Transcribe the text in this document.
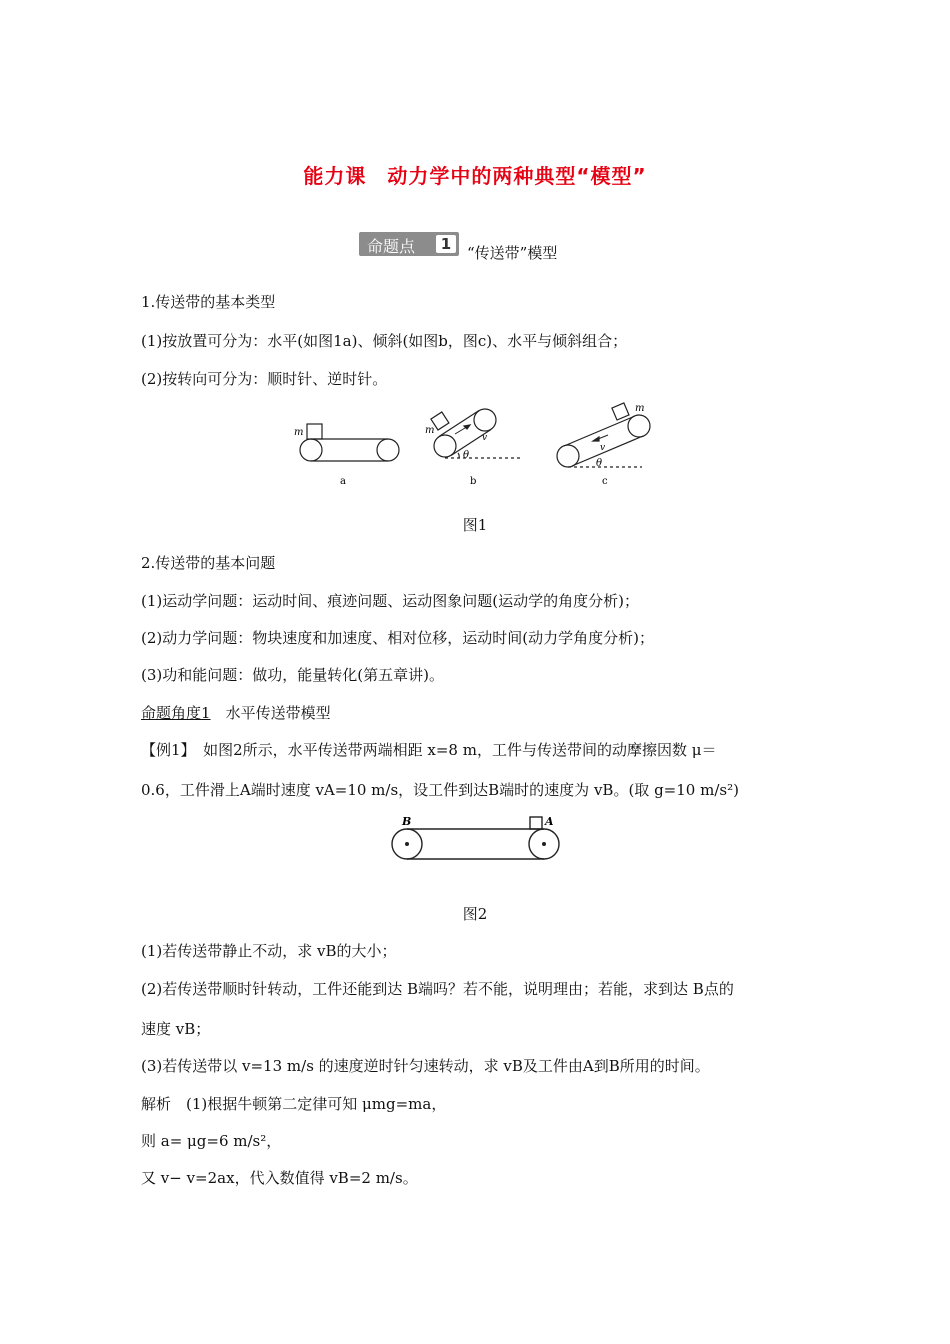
能力课　动力学中的两种典型“模型”
命题点	1	“传送带”模型
1.传送带的基本类型
(1)按放置可分为：水平(如图1a)、倾斜(如图b，图c)、水平与倾斜组合；
(2)按转向可分为：顺时针、逆时针。
m
a
m
v
θ
b
m
v
θ
c
图1
2.传送带的基本问题
(1)运动学问题：运动时间、痕迹问题、运动图象问题(运动学的角度分析)；
(2)动力学问题：物块速度和加速度、相对位移，运动时间(动力学角度分析)；
(3)功和能问题：做功，能量转化(第五章讲)。
命题角度1　 水平传送带模型
【例1】　 如图2所示，水平传送带两端相距 x=8 m，工件与传送带间的动摩擦因数 μ＝
0.6，工件滑上A端时速度 vA=10 m/s，设工件到达B端时的速度为 vB。(取 g=10 m/s²)
B	A
图2
(1)若传送带静止不动，求 vB的大小；
(2)若传送带顺时针转动，工件还能到达 B端吗？若不能，说明理由；若能，求到达 B点的
速度 vB；
(3)若传送带以 v=13 m/s 的速度逆时针匀速转动，求 vB及工件由A到B所用的时间。
解析　(1)根据牛顿第二定律可知 μmg=ma，
则 a= μg=6 m/s²，
又 v− v=2ax，代入数值得 vB=2 m/s。
